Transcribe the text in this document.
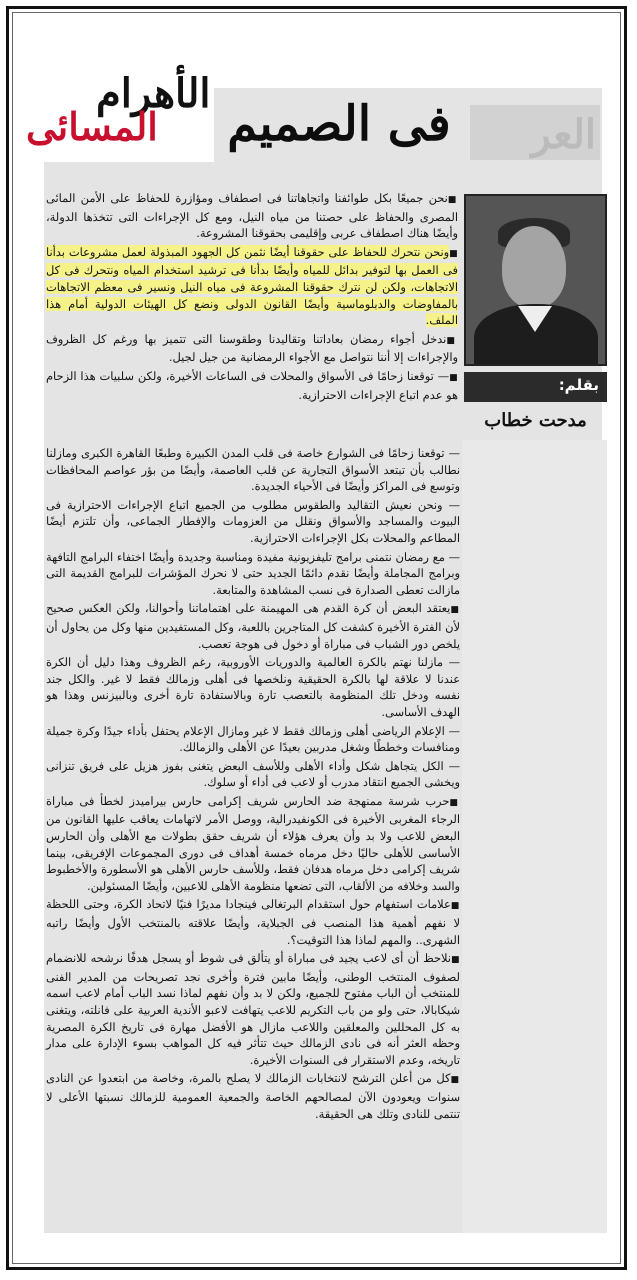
العر
الأهرام
المسائى فى الصميم
بقلم:
مدحت خطاب

■ نحن جميعًا بكل طوائفنا واتجاهاتنا فى اصطفاف ومؤازرة للحفاظ على الأمن المائى المصرى والحفاظ على حصتنا من مياه النيل، ومع كل الإجراءات التى تتخذها الدولة، وأيضًا هناك اصطفاف عربى وإقليمى بحقوقنا المشروعة.

■ ونحن نتحرك للحفاظ على حقوقنا أيضًا نثمن كل الجهود المبذولة لعمل مشروعات بدأنا فى العمل بها لتوفير بدائل للمياه وأيضًا بدأنا فى ترشيد استخدام المياه ونتحرك فى كل الاتجاهات، ولكن لن نترك حقوقنا المشروعة فى مياه النيل ونسير فى معظم الاتجاهات بالمفاوضات والدبلوماسية وأيضًا القانون الدولى ونضع كل الهيئات الدولية أمام هذا الملف.

■ ندخل أجواء رمضان بعاداتنا وتقاليدنا وطقوسنا التى تتميز بها ورغم كل الظروف والإجراءات إلا أننا نتواصل مع الأجواء الرمضانية من جيل لجيل.

■ — توقعنا زحامًا فى الأسواق والمحلات فى الساعات الأخيرة، ولكن سلبيات هذا الزحام هو عدم اتباع الإجراءات الاحترازية.

— توقعنا زحامًا فى الشوارع خاصة فى قلب المدن الكبيرة وطبعًا القاهرة الكبرى ومازلنا نطالب بأن تبتعد الأسواق التجارية عن قلب العاصمة، وأيضًا من بؤر عواصم المحافظات وتوسع فى المراكز وأيضًا فى الأحياء الجديدة.

— ونحن نعيش التقاليد والطقوس مطلوب من الجميع اتباع الإجراءات الاحترازية فى البيوت والمساجد والأسواق ونقلل من العزومات والإفطار الجماعى، وأن تلتزم أيضًا المطاعم والمحلات بكل الإجراءات الاحترازية.

— مع رمضان نتمنى برامج تليفزيونية مفيدة ومناسبة وجديدة وأيضًا اختفاء البرامج التافهة وبرامج المجاملة وأيضًا نقدم دائمًا الجديد حتى لا نحرك المؤشرات للبرامج القديمة التى مازالت تعطى الصدارة فى نسب المشاهدة والمتابعة.

■ يعتقد البعض أن كرة القدم هى المهيمنة على اهتماماتنا وأحوالنا، ولكن العكس صحيح لأن الفترة الأخيرة كشفت كل المتاجرين باللعبة، وكل المستفيدين منها وكل من يحاول أن يلخص دور الشباب فى مباراة أو دخول فى هوجة تعصب.

— مازلنا نهتم بالكرة العالمية والدوريات الأوروبية، رغم الظروف وهذا دليل أن الكرة عندنا لا علاقة لها بالكرة الحقيقية ونلخصها فى أهلى وزمالك فقط لا غير. والكل جند نفسه ودخل تلك المنظومة بالتعصب تارة وبالاستفادة تارة أخرى وبالبيزنس وهذا هو الهدف الأساسى.

— الإعلام الرياضى أهلى وزمالك فقط لا غير ومازال الإعلام يحتفل بأداء جيدًا وكرة جميلة ومنافسات وخططًا وشغل مدربين بعيدًا عن الأهلى والزمالك.

— الكل يتجاهل شكل وأداء الأهلى وللأسف البعض يتغنى بفوز هزيل على فريق تنزانى ويخشى الجميع انتقاد مدرب أو لاعب فى أداء أو سلوك.

■ حرب شرسة ممنهجة ضد الحارس شريف إكرامى حارس بيراميدز لخطأ فى مباراة الرجاء المغربى الأخيرة فى الكونفيدرالية، ووصل الأمر لاتهامات يعاقب عليها القانون من البعض للاعب ولا بد وأن يعرف هؤلاء أن شريف حقق بطولات مع الأهلى وأن الحارس الأساسى للأهلى حاليًا دخل مرماه خمسة أهداف فى دورى المجموعات الإفريقى، بينما شريف إكرامى دخل مرماه هدفان فقط، وللأسف حارس الأهلى هو الأسطورة والأخطبوط والسد وخلافه من الألقاب، التى تضعها منظومة الأهلى للاعبين، وأيضًا المسئولين.

■ علامات استفهام حول استقدام البرتغالى فينجادا مديرًا فنيًا لاتحاد الكرة، وحتى اللحظة لا نفهم أهمية هذا المنصب فى الجبلاية، وأيضًا علاقته بالمنتخب الأول وأيضًا راتبه الشهرى.. والمهم لماذا هذا التوقيت؟.

■ نلاحظ أن أى لاعب يجيد فى مباراة أو يتألق فى شوط أو يسجل هدفًا نرشحه للانضمام لصفوف المنتخب الوطنى، وأيضًا مابين فترة وأخرى نجد تصريحات من المدير الفنى للمنتخب أن الباب مفتوح للجميع، ولكن لا بد وأن نفهم لماذا نسد الباب أمام لاعب اسمه شيكابالا، حتى ولو من باب التكريم للاعب يتهافت لاعبو الأندية العربية على فانلته، ويتغنى به كل المحللين والمعلقين واللاعب مازال هو الأفضل مهارة فى تاريخ الكرة المصرية وحظه العثر أنه فى نادى الزمالك حيث تتأثر فيه كل المواهب بسوء الإدارة على مدار تاريخه، وعدم الاستقرار فى السنوات الأخيرة.

■ كل من أعلن الترشح لانتخابات الزمالك لا يصلح بالمرة، وخاصة من ابتعدوا عن النادى سنوات ويعودون الآن لمصالحهم الخاصة والجمعية العمومية للزمالك نسبتها الأعلى لا تنتمى للنادى وتلك هى الحقيقة.
